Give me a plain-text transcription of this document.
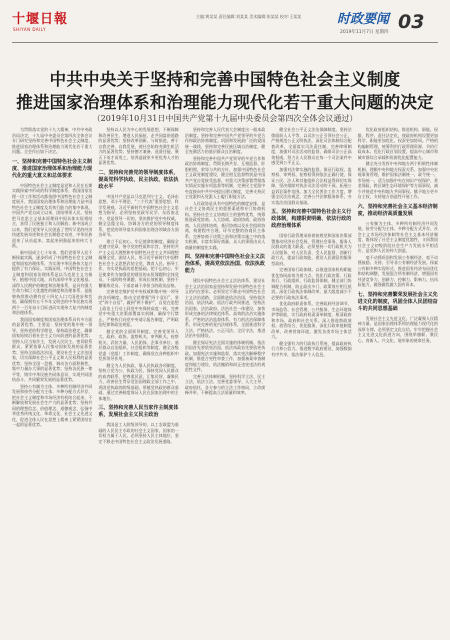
十堰日報
SHIYAN DAILY
主编:黄某某 责任编辑:刘某某 美术编辑:张某某 校对:王某某	时政要闻
2019年11月7日 星期四 03
中共中央关于坚持和完善中国特色社会主义制度
推进国家治理体系和治理能力现代化若干重大问题的决定
（2019年10月31日中国共产党第十九届中央委员会第四次全体会议通过）
为贯彻落实党的十九大精神，中共中央政治局决定，十九届中央委员会第四次全体会议专门研究坚持和完善中国特色社会主义制度、推进国家治理体系和治理能力现代化若干重大问题。全会作出如下决定。
一、坚持和完善中国特色社会主义制度、推进国家治理体系和治理能力现代化的重大意义和总体要求
中国特色社会主义制度是党和人民在长期实践探索中形成的科学制度体系，我国国家治理一切工作和活动都依照中国特色社会主义制度展开，我国国家治理体系和治理能力是中国特色社会主义制度及其执行能力的集中体现。中国共产党自成立以来，团结带领人民，坚持把马克思主义基本原理同中国具体实际相结合，获得了民族独立和人民解放；新中国成立以来，我们党领导人民创造了世所罕见的经济快速发展奇迹和社会长期稳定奇迹，中华民族迎来了从站起来、富起来到强起来的伟大飞跃。
新中国成立七十年来，我们党领导人民不断探索实践，逐步形成了中国特色社会主义制度和国家治理体系，为实现中华民族伟大复兴提供了有力保证。实践证明，中国特色社会主义制度和国家治理体系是以马克思主义为指导、植根中国大地、具有深厚中华文化根基、深得人民拥护的制度和治理体系，是具有强大生命力和巨大优越性的制度和治理体系，是能够持续推动拥有近十四亿人口大国进步和发展、确保拥有五千多年文明史的中华民族实现两个一百年奋斗目标进而实现伟大复兴的制度和治理体系。
我国国家制度和国家治理体系具有多方面的显著优势，主要是：坚持党的集中统一领导，坚持党的科学理论，保持政治稳定，确保国家始终沿着社会主义方向前进的显著优势；坚持人民当家作主，发展人民民主，密切联系群众，紧紧依靠人民推动国家发展的显著优势；坚持全面依法治国，建设社会主义法治国家，切实保障社会公平正义和人民权利的显著优势；坚持全国一盘棋，调动各方面积极性，集中力量办大事的显著优势；坚持各民族一律平等，铸牢中华民族共同体意识，实现共同团结奋斗、共同繁荣发展的显著优势。
坚持公有制为主体、多种所有制经济共同发展和按劳分配为主体、多种分配方式并存，把社会主义制度和市场经济有机结合起来，不断解放和发展社会生产力的显著优势；坚持共同的理想信念、价值理念、道德观念，弘扬中华优秀传统文化、革命文化、社会主义先进文化，促进全体人民在思想上精神上紧紧团结在一起的显著优势。
坚持以人民为中心的发展思想，不断保障和改善民生、增进人民福祉，走共同富裕道路的显著优势；坚持改革创新、与时俱进，善于自我完善、自我发展，使社会始终充满生机活力的显著优势；坚持德才兼备、选贤任能，聚天下英才而用之，培养造就更多更优秀人才的显著优势。
二、坚持和完善党的领导制度体系，提高党科学执政、民主执政、依法执政水平
中国共产党是以马克思列宁主义、毛泽东思想、邓小平理论、“三个代表”重要思想、科学发展观、习近平新时代中国特色社会主义思想为指导，必须坚持党政军民学、东西南北中，党是领导一切的，坚决维护党中央权威，健全总揽全局、协调各方的党的领导制度体系，把党的领导落实到国家治理各领域各方面各环节。
建立不忘初心、牢记使命的制度。确保全党遵守党章，恪守党的性质和宗旨，坚持用共产主义远大理想和中国特色社会主义共同理想凝聚全党、团结人民，用习近平新时代中国特色社会主义思想武装全党、教育人民、指导工作，夯实党执政的思想基础。把不忘初心、牢记使命作为加强党的建设的永恒课题和全体党员、干部的终身课题，形成长效机制，坚持不懈锤炼党员、干部忠诚干净担当的政治品格。
完善坚定维护党中央权威和集中统一领导的各项制度。推动全党增强“四个意识”、坚定“四个自信”、做到“两个维护”，自觉在思想上政治上行动上同党中央保持高度一致。完善党中央重大决策部署落实机制，确保令行禁止。严格执行向党中央请示报告制度，严明政治纪律和政治规矩。
健全党的全面领导制度。完善党领导人大、政府、政协、监察机关、审判机关、检察机关、武装力量、人民团体、企事业单位、基层群众自治组织、社会组织等制度，健全各级党委（党组）工作制度，确保党在各种组织中发挥领导作用。
健全为人民执政、靠人民执政各项制度。坚持立党为公、执政为民，保持党同人民群众的血肉联系，把尊重民意、汇集民智、凝聚民力、改善民生贯穿党治国理政全部工作之中，巩固党执政的阶级基础，厚植党执政的群众基础，通过完善制度保证人民在国家治理中的主体地位。
三、坚持和完善人民当家作主制度体系，发展社会主义民主政治
我国是工人阶级领导的、以工农联盟为基础的人民民主专政的社会主义国家，国家的一切权力属于人民。必须坚持人民主体地位，坚定不移走中国特色社会主义政治发展道路。
坚持和完善人民代表大会制度这一根本政治制度。坚持和完善中国共产党领导的多党合作和政治协商制度。巩固和发展最广泛的爱国统一战线，坚持和完善民族区域自治制度，健全充满活力的基层群众自治制度。
坚持和完善中国共产党领导的多党合作和政治协商制度。贯彻长期共存、互相监督、肝胆相照、荣辱与共的方针，加强中国特色社会主义政党制度建设，健全相互监督特别是中国共产党自觉接受监督、对重大决策部署贯彻落实情况实施专项监督等机制，完善民主党派中央直接向中共中央提出建议制度，完善支持民主党派和无党派人士履行职能方法。
人民政协是具有中国特色的制度安排，是社会主义协商民主的重要渠道和专门协商机构。坚持社会主义协商民主的独特优势，统筹推进政党协商、人大协商、政府协商、政协协商、人民团体协商、基层协商以及社会组织协商，构建程序合理、环节完整的协商民主体系，完善协商于决策之前和决策实施之中的落实机制，丰富有事好商量、众人的事情由众人商量的制度化实践。
四、坚持和完善中国特色社会主义法治体系，提高党依法治国、依法执政能力
建设中国特色社会主义法治体系、建设社会主义法治国家是坚持和发展中国特色社会主义的内在要求。必须坚定不移走中国特色社会主义法治道路，全面推进依法治国，坚持依法治国、依法执政、依法行政共同推进，坚持法治国家、法治政府、法治社会一体建设，加快形成完备的法律规范体系、高效的法治实施体系、严密的法治监督体系、有力的法治保障体系，形成完善的党内法规体系，全面推进科学立法、严格执法、公正司法、全民守法，推进法治中国建设。
健全保证宪法全面实施的体制机制。依法治国首先要依宪治国，依法执政首先要依宪执政。加强宪法实施和监督，落实宪法解释程序机制，推进合宪性审查工作，加强备案审查制度和能力建设，依法撤销和纠正违宪违法的规范性文件。
完善立法体制机制。坚持科学立法、民主立法、依法立法，完善党委领导、人大主导、政府依托、各方参与的立法工作格局，立改废释并举，不断提高立法质量和效率。
健全社会公平正义法治保障制度。坚持法律面前人人平等，以司法公正引领社会公正，严格规范公正文明执法，深化司法体制综合配套改革，全面落实司法责任制，完善律师制度，加强对司法活动的监督，确保司法公正高效权威，努力让人民群众在每一个司法案件中感受到公平正义。
加强对法律实施的监督。保证行政权、监察权、审判权、检察权得到依法正确行使，保证公民、法人和其他组织合法权益得到切实保障，坚决排除对执法司法活动的干预。拓展公益诉讼案件范围。加大全民普法工作力度，增强全民法治观念，完善公共法律服务体系，夯实依法治国群众基础。
五、坚持和完善中国特色社会主义行政体制，构建职责明确、依法行政的政府治理体系
国家行政管理承担着按照党和国家决策部署推动经济社会发展、管理社会事务、服务人民群众的重大职责。必须坚持一切行政机关为人民服务、对人民负责、受人民监督，创新行政方式，提高行政效能，建设人民满意的服务型政府。
完善国家行政体制。以推进国家机构职能优化协同高效为着力点，优化行政决策、行政执行、行政组织、行政监督体制。健全部门协调配合机制，防止政出多门、政策效应相互抵消。深化行政执法体制改革，最大限度减少不必要的行政执法事项。
优化政府职责体系。完善政府经济调节、市场监管、社会管理、公共服务、生态环境保护等职能，实行政府权责清单制度，厘清政府和市场、政府和社会关系。深入推进简政放权、放管结合、优化服务，深化行政审批制度改革，改善营商环境，激发各类市场主体活力。
健全强有力的行政执行系统，提高政府执行力和公信力。推进数字政府建设，加强数据有序共享，依法保护个人信息。
优化政府组织结构。推进机构、职能、权限、程序、责任法定化，使政府机构设置更加科学、职能更加优化、权责更加协同。严格机构编制管理，统筹利用行政管理资源，节约行政成本。优化行政区划设置，提高中心城市和城市群综合承载和资源优化配置能力。
健全充分发挥中央和地方两个积极性体制机制。理顺中央和地方权责关系，加强中央宏观事务管理，维护国家法制统一、政令统一、市场统一。适当加强中央在知识产权保护、养老保险、跨区域生态环境保护等方面事权，减少并规范中央和地方共同事权。赋予地方更多自主权，支持地方创造性开展工作。
六、坚持和完善社会主义基本经济制度，推动经济高质量发展
公有制为主体、多种所有制经济共同发展，按劳分配为主体、多种分配方式并存，社会主义市场经济体制等社会主义基本经济制度，既体现了社会主义制度优越性，又同我国社会主义初级阶段社会生产力发展水平相适应，是党和人民的伟大创造。
毫不动摇巩固和发展公有制经济，毫不动摇鼓励、支持、引导非公有制经济发展。探索公有制多种实现形式，推进国有经济布局优化和结构调整，发展混合所有制经济，增强国有经济竞争力、创新力、控制力、影响力、抗风险能力，做强做优做大国有资本。
七、坚持和完善繁荣发展社会主义先进文化的制度，巩固全体人民团结奋斗的共同思想基础
发展社会主义先进文化、广泛凝聚人民精神力量，是国家治理体系和治理能力现代化的深厚支撑。必须坚定文化自信，牢牢把握社会主义先进文化前进方向，围绕举旗帜、聚民心、育新人、兴文化、展形象的使命任务。
